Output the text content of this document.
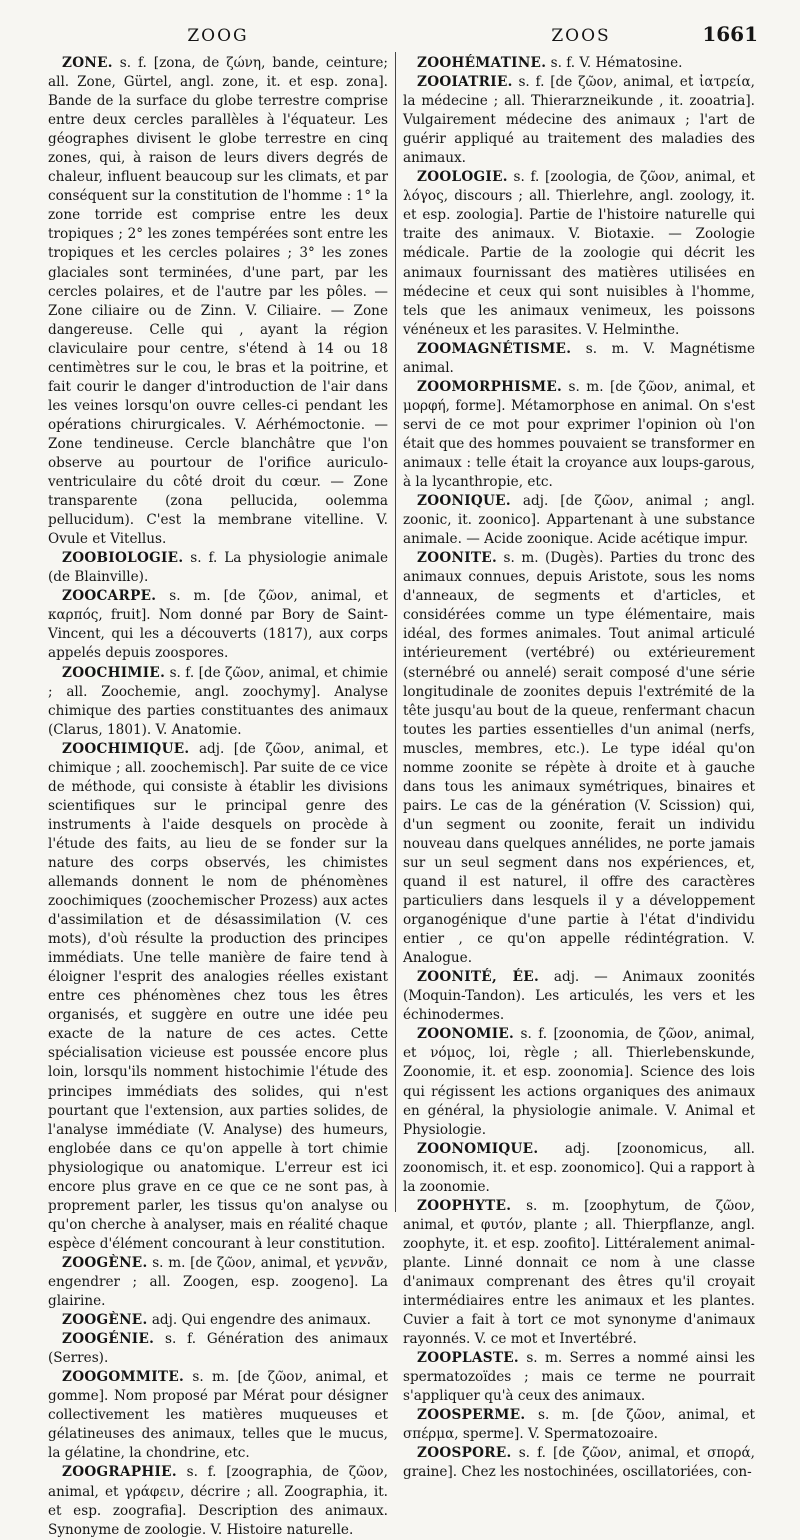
ZOOG	ZOOS	1661

ZONE. s. f. [zona, de ζώνη, bande, ceinture; all. Zone, Gürtel, angl. zone, it. et esp. zona]. Bande de la surface du globe terrestre comprise entre deux cercles parallèles à l'équateur. Les géographes divisent le globe terrestre en cinq zones, qui, à raison de leurs divers degrés de chaleur, influent beaucoup sur les climats, et par conséquent sur la constitution de l'homme : 1° la zone torride est comprise entre les deux tropiques ; 2° les zones tempérées sont entre les tropiques et les cercles polaires ; 3° les zones glaciales sont terminées, d'une part, par les cercles polaires, et de l'autre par les pôles. — Zone ciliaire ou de Zinn. V. Ciliaire. — Zone dangereuse. Celle qui , ayant la région claviculaire pour centre, s'étend à 14 ou 18 centimètres sur le cou, le bras et la poitrine, et fait courir le danger d'introduction de l'air dans les veines lorsqu'on ouvre celles-ci pendant les opérations chirurgicales. V. Aérhémoctonie. — Zone tendineuse. Cercle blanchâtre que l'on observe au pourtour de l'orifice auriculo-ventriculaire du côté droit du cœur. — Zone transparente (zona pellucida, oolemma pellucidum). C'est la membrane vitelline. V. Ovule et Vitellus.

ZOOBIOLOGIE. s. f. La physiologie animale (de Blainville).

ZOOCARPE. s. m. [de ζῶον, animal, et καρπός, fruit]. Nom donné par Bory de Saint-Vincent, qui les a découverts (1817), aux corps appelés depuis zoospores.

ZOOCHIMIE. s. f. [de ζῶον, animal, et chimie ; all. Zoochemie, angl. zoochymy]. Analyse chimique des parties constituantes des animaux (Clarus, 1801). V. Anatomie.

ZOOCHIMIQUE. adj. [de ζῶον, animal, et chimique ; all. zoochemisch]. Par suite de ce vice de méthode, qui consiste à établir les divisions scientifiques sur le principal genre des instruments à l'aide desquels on procède à l'étude des faits, au lieu de se fonder sur la nature des corps observés, les chimistes allemands donnent le nom de phénomènes zoochimiques (zoochemischer Prozess) aux actes d'assimilation et de désassimilation (V. ces mots), d'où résulte la production des principes immédiats. Une telle manière de faire tend à éloigner l'esprit des analogies réelles existant entre ces phénomènes chez tous les êtres organisés, et suggère en outre une idée peu exacte de la nature de ces actes. Cette spécialisation vicieuse est poussée encore plus loin, lorsqu'ils nomment histochimie l'étude des principes immédiats des solides, qui n'est pourtant que l'extension, aux parties solides, de l'analyse immédiate (V. Analyse) des humeurs, englobée dans ce qu'on appelle à tort chimie physiologique ou anatomique. L'erreur est ici encore plus grave en ce que ce ne sont pas, à proprement parler, les tissus qu'on analyse ou qu'on cherche à analyser, mais en réalité chaque espèce d'élément concourant à leur constitution.

ZOOGÈNE. s. m. [de ζῶον, animal, et γεννᾶν, engendrer ; all. Zoogen, esp. zoogeno]. La glairine.

ZOOGÈNE. adj. Qui engendre des animaux.

ZOOGÉNIE. s. f. Génération des animaux (Serres).

ZOOGOMMITE. s. m. [de ζῶον, animal, et gomme]. Nom proposé par Mérat pour désigner collectivement les matières muqueuses et gélatineuses des animaux, telles que le mucus, la gélatine, la chondrine, etc.

ZOOGRAPHIE. s. f. [zoographia, de ζῶον, animal, et γράφειν, décrire ; all. Zoographia, it. et esp. zoografia]. Description des animaux. Synonyme de zoologie. V. Histoire naturelle.

ZOOHÉMATINE. s. f. V. Hématosine.

ZOOIATRIE. s. f. [de ζῶον, animal, et ἰατρεία, la médecine ; all. Thierarzneikunde , it. zooatria]. Vulgairement médecine des animaux ; l'art de guérir appliqué au traitement des maladies des animaux.

ZOOLOGIE. s. f. [zoologia, de ζῶον, animal, et λόγος, discours ; all. Thierlehre, angl. zoology, it. et esp. zoologia]. Partie de l'histoire naturelle qui traite des animaux. V. Biotaxie. — Zoologie médicale. Partie de la zoologie qui décrit les animaux fournissant des matières utilisées en médecine et ceux qui sont nuisibles à l'homme, tels que les animaux venimeux, les poissons vénéneux et les parasites. V. Helminthe.

ZOOMAGNÉTISME. s. m. V. Magnétisme animal.

ZOOMORPHISME. s. m. [de ζῶον, animal, et μορφή, forme]. Métamorphose en animal. On s'est servi de ce mot pour exprimer l'opinion où l'on était que des hommes pouvaient se transformer en animaux : telle était la croyance aux loups-garous, à la lycanthropie, etc.

ZOONIQUE. adj. [de ζῶον, animal ; angl. zoonic, it. zoonico]. Appartenant à une substance animale. — Acide zoonique. Acide acétique impur.

ZOONITE. s. m. (Dugès). Parties du tronc des animaux connues, depuis Aristote, sous les noms d'anneaux, de segments et d'articles, et considérées comme un type élémentaire, mais idéal, des formes animales. Tout animal articulé intérieurement (vertébré) ou extérieurement (sternébré ou annelé) serait composé d'une série longitudinale de zoonites depuis l'extrémité de la tête jusqu'au bout de la queue, renfermant chacun toutes les parties essentielles d'un animal (nerfs, muscles, membres, etc.). Le type idéal qu'on nomme zoonite se répète à droite et à gauche dans tous les animaux symétriques, binaires et pairs. Le cas de la génération (V. Scission) qui, d'un segment ou zoonite, ferait un individu nouveau dans quelques annélides, ne porte jamais sur un seul segment dans nos expériences, et, quand il est naturel, il offre des caractères particuliers dans lesquels il y a développement organogénique d'une partie à l'état d'individu entier , ce qu'on appelle rédintégration. V. Analogue.

ZOONITÉ, ÉE. adj. — Animaux zoonités (Moquin-Tandon). Les articulés, les vers et les échinodermes.

ZOONOMIE. s. f. [zoonomia, de ζῶον, animal, et νόμος, loi, règle ; all. Thierlebenskunde, Zoonomie, it. et esp. zoonomia]. Science des lois qui régissent les actions organiques des animaux en général, la physiologie animale. V. Animal et Physiologie.

ZOONOMIQUE. adj. [zoonomicus, all. zoonomisch, it. et esp. zoonomico]. Qui a rapport à la zoonomie.

ZOOPHYTE. s. m. [zoophytum, de ζῶον, animal, et φυτόν, plante ; all. Thierpflanze, angl. zoophyte, it. et esp. zoofito]. Littéralement animal-plante. Linné donnait ce nom à une classe d'animaux comprenant des êtres qu'il croyait intermédiaires entre les animaux et les plantes. Cuvier a fait à tort ce mot synonyme d'animaux rayonnés. V. ce mot et Invertébré.

ZOOPLASTE. s. m. Serres a nommé ainsi les spermatozoïdes ; mais ce terme ne pourrait s'appliquer qu'à ceux des animaux.

ZOOSPERME. s. m. [de ζῶον, animal, et σπέρμα, sperme]. V. Spermatozoaire.

ZOOSPORE. s. f. [de ζῶον, animal, et σπορά, graine]. Chez les nostochinées, oscillatoriées, con-
